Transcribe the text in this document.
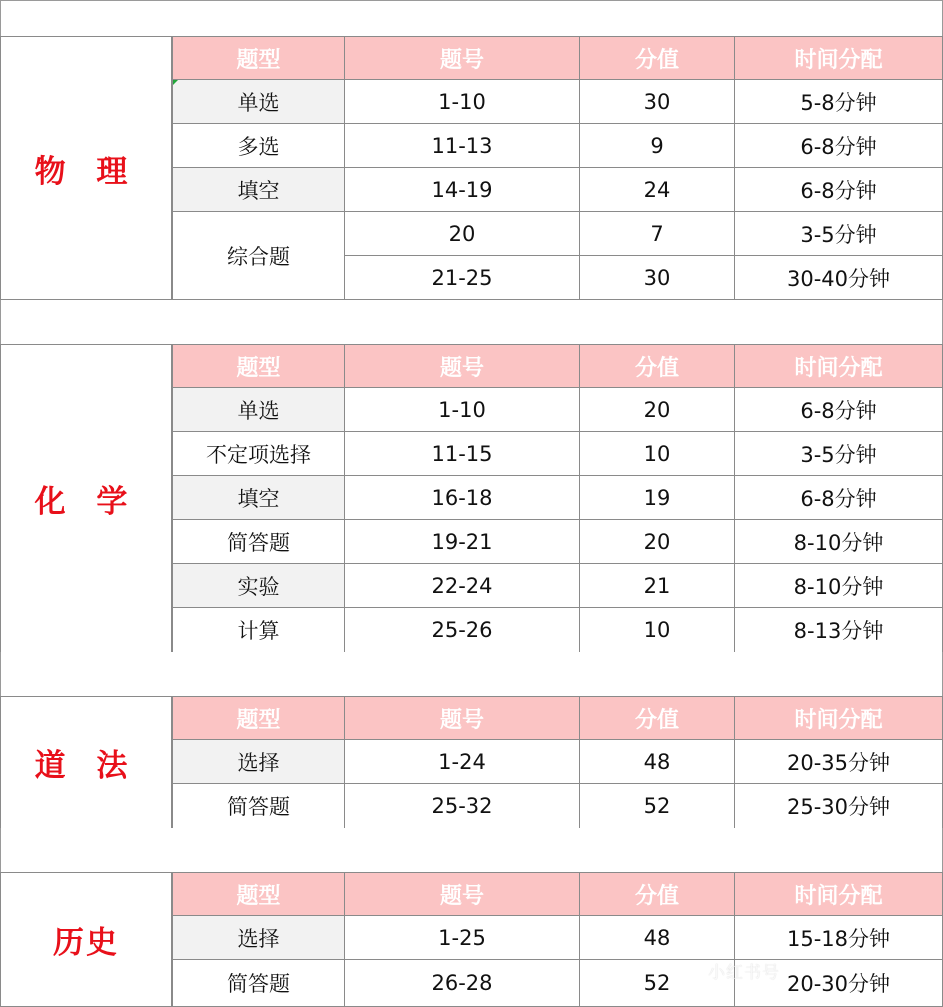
物 理
题型	题号	分值	时间分配
单选	1-10	30	5-8分钟
多选	11-13	9	6-8分钟
填空	14-19	24	6-8分钟
综合题
20	7	3-5分钟
21-25	30	30-40分钟
化 学
题型	题号	分值	时间分配
单选	1-10	20	6-8分钟
不定项选择	11-15	10	3-5分钟
填空	16-18	19	6-8分钟
简答题	19-21	20	8-10分钟
实验	22-24	21	8-10分钟
计算	25-26	10	8-13分钟
道 法
题型	题号	分值	时间分配
选择	1-24	48	20-35分钟
简答题	25-32	52	25-30分钟
历史
题型	题号	分值	时间分配
选择	1-25	48	15-18分钟
简答题	26-28	52	20-30分钟
小红书号
